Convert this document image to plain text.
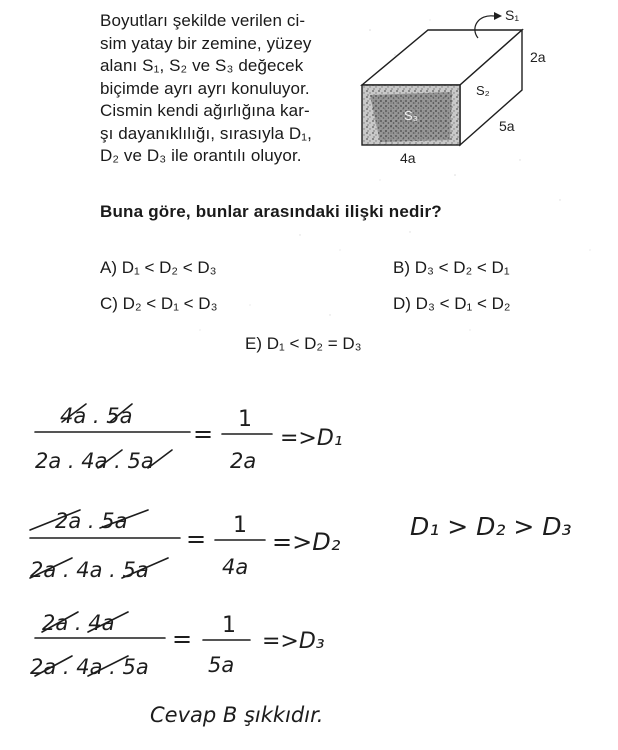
Boyutları şekilde verilen ci-
sim yatay bir zemine, yüzey
alanı S₁, S₂ ve S₃ değecek
biçimde ayrı ayrı konuluyor.
Cismin kendi ağırlığına kar-
şı dayanıklılığı, sırasıyla D₁,
D₂ ve D₃ ile orantılı oluyor.
S₁
2a
S₂
S₃
5a
4a
Buna göre, bunlar arasındaki ilişki nedir?
A) D₁ < D₂ < D₃	B) D₃ < D₂ < D₁
C) D₂ < D₁ < D₃	D) D₃ < D₁ < D₂
E) D₁ < D₂ = D₃
4a . 5a
2a . 4a . 5a
=
1
2a
=>D₁
2a . 5a
2a . 4a . 5a
= 1
4a
=>D₂
D₁ > D₂ > D₃
2a . 4a
2a . 4a . 5a
= 1
5a
=>D₃
Cevap B şıkkıdır.
